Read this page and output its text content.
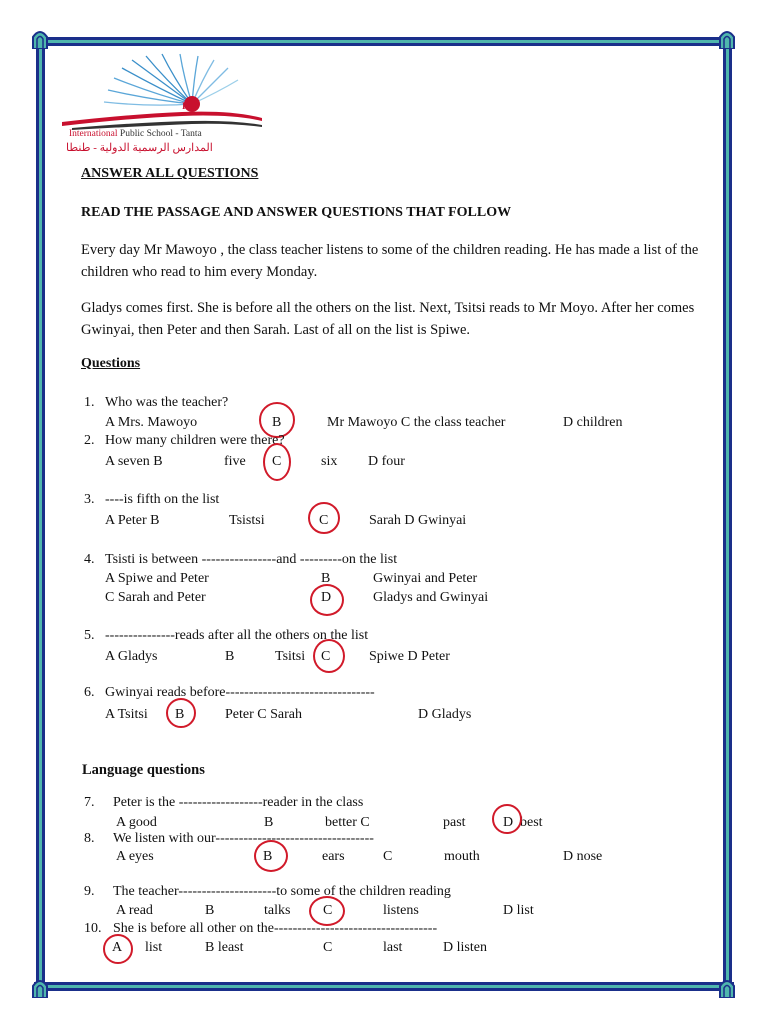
IPS
International Public School - Tanta
المدارس الرسمية الدولية - طنطا
ANSWER ALL QUESTIONS
READ THE PASSAGE AND ANSWER QUESTIONS THAT FOLLOW
Every day Mr Mawoyo , the class teacher listens to some of the children reading. He has made a list of the children who read to him every Monday.
Gladys comes first. She is before all the others on the list. Next, Tsitsi reads to Mr Moyo. After her comes Gwinyai, then Peter and then Sarah. Last of all on the list is Spiwe.
Questions
1. Who was the teacher?
A Mrs. Mawoyo	B	Mr Mawoyo C the class teacher	D children
2. How many children were there?
A seven B	five C	six D four
3. ----is fifth on the list
A Peter B	Tsistsi	C	Sarah D Gwinyai
4. Tsisti is between ----------------and ---------on the list
A Spiwe and Peter	B	Gwinyai and Peter
C Sarah and Peter	D	Gladys and Gwinyai
5. ---------------reads after all the others on the list
A Gladys	B	Tsitsi C	Spiwe D Peter
6. Gwinyai reads before--------------------------------
A Tsitsi B	Peter C Sarah	D Gladys
Language questions
7. Peter is the ------------------reader in the class
A good	B	better C	past	D best
8. We listen with our----------------------------------
A eyes	B	ears	C	mouth	D nose
9. The teacher---------------------to some of the children reading
A read	B	talks C	listens	D list
10. She is before all other on the-----------------------------------
A list	B least	C	last	D listen
